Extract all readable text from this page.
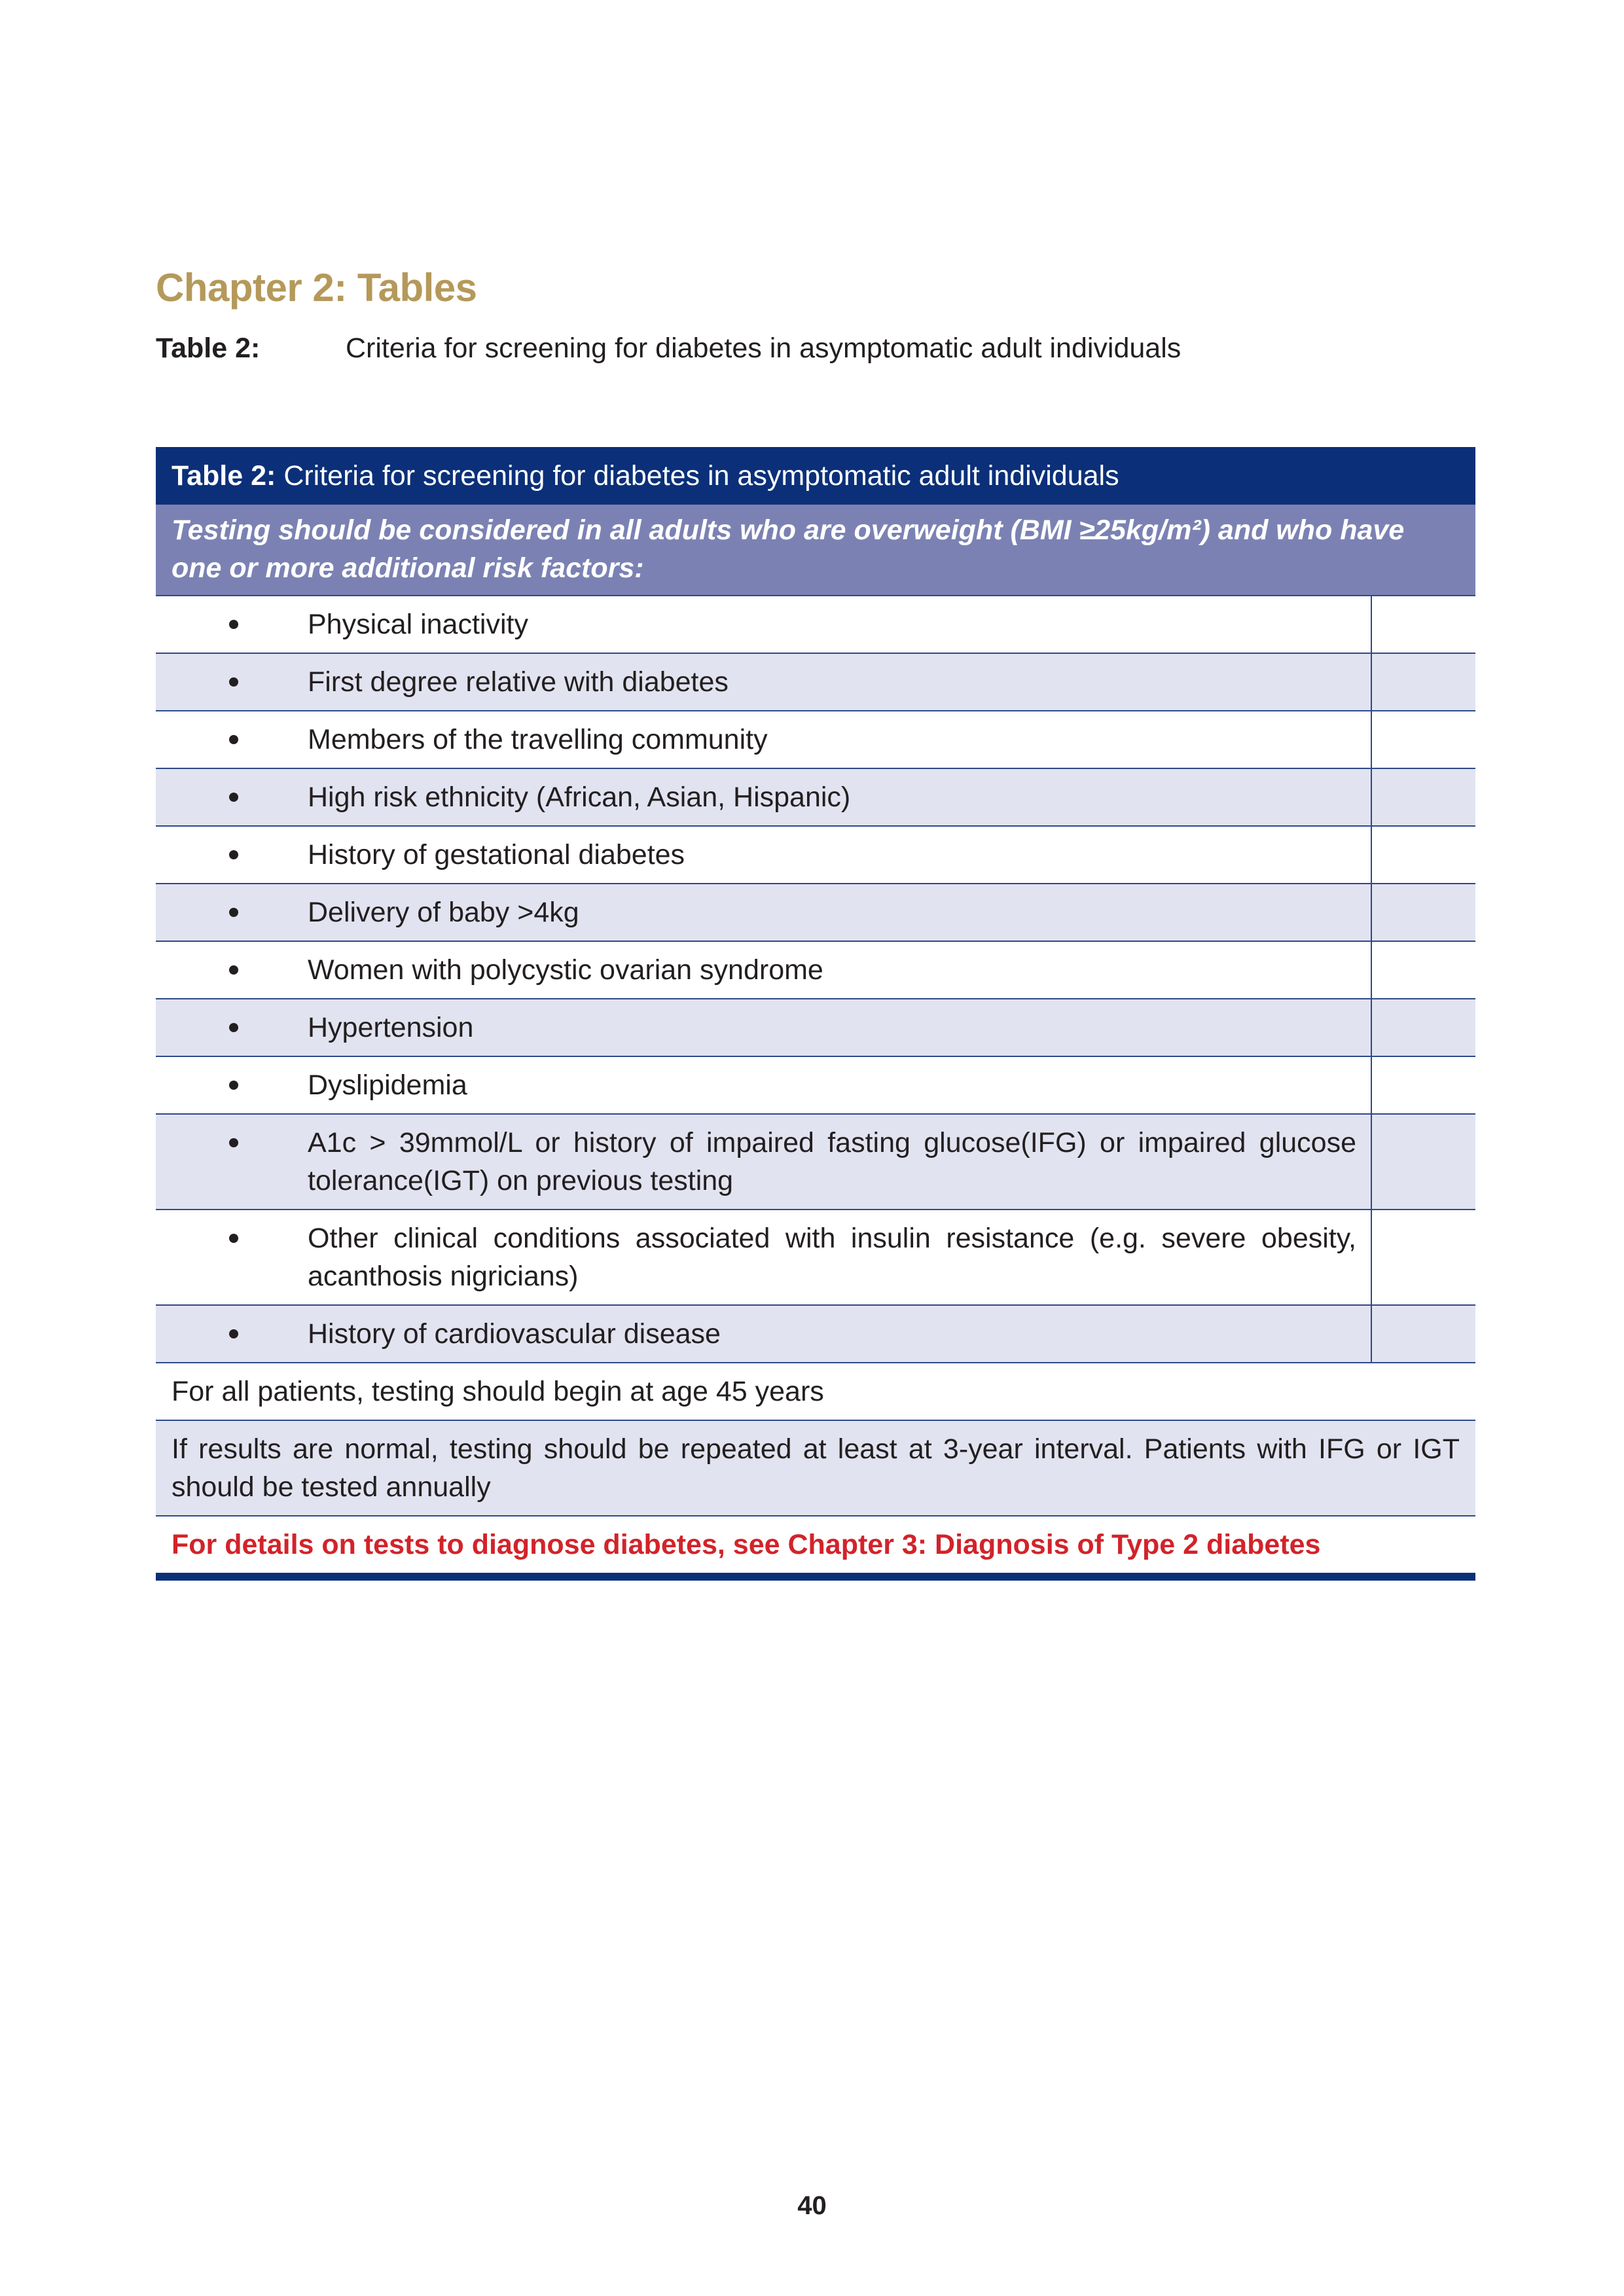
Chapter 2: Tables
Table 2:	Criteria for screening for diabetes in asymptomatic adult individuals
Table 2: Criteria for screening for diabetes in asymptomatic adult individuals
Testing should be considered in all adults who are overweight (BMI ≥25kg/m²) and who have one or more additional risk factors:
Physical inactivity
First degree relative with diabetes
Members of the travelling community
High risk ethnicity (African, Asian, Hispanic)
History of gestational diabetes
Delivery of baby >4kg
Women with polycystic ovarian syndrome
Hypertension
Dyslipidemia
A1c > 39mmol/L or history of impaired fasting glucose(IFG) or impaired glucose tolerance(IGT) on previous testing
Other clinical conditions associated with insulin resistance (e.g. severe obesity, acanthosis nigricians)
History of cardiovascular disease
For all patients, testing should begin at age 45 years
If results are normal, testing should be repeated at least at 3-year interval. Patients with IFG or IGT should be tested annually
For details on tests to diagnose diabetes, see Chapter 3: Diagnosis of Type 2 diabetes
40
